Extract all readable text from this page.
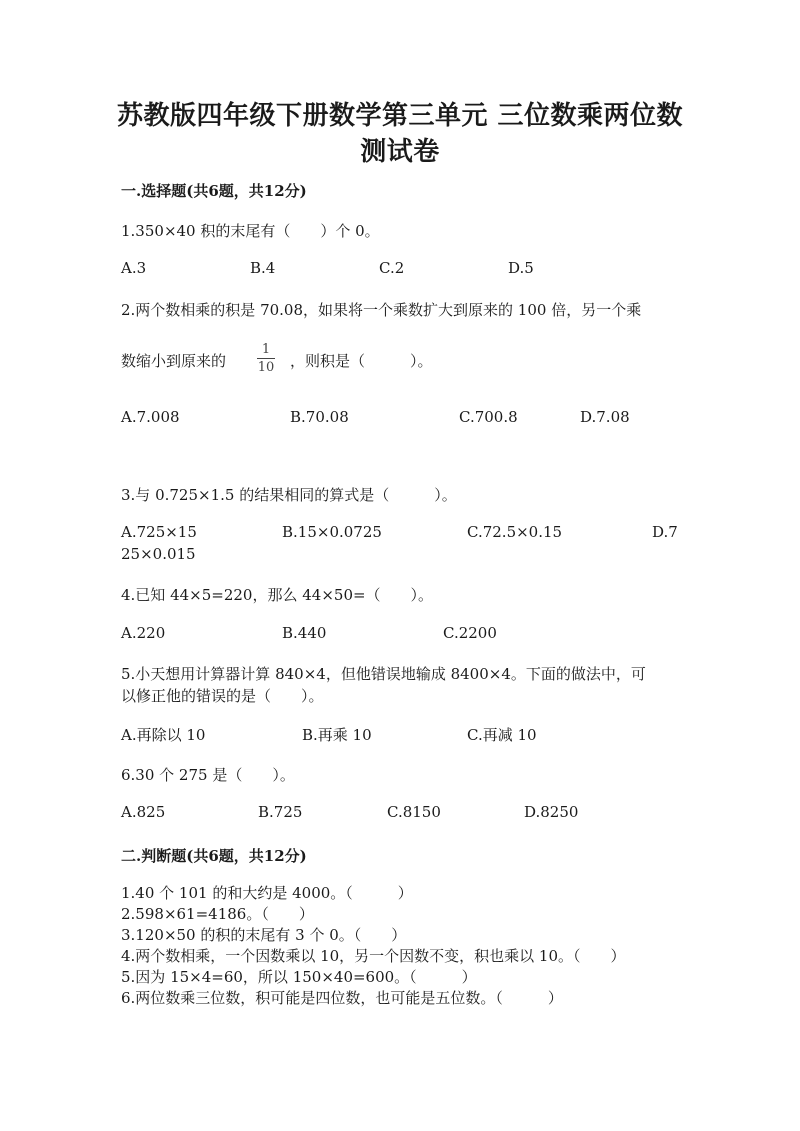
苏教版四年级下册数学第三单元 三位数乘两位数
测试卷
一.选择题(共6题，共12分)
1.350×40 积的末尾有（　　）个 0。
A.3	B.4	C.2	D.5
2.两个数相乘的积是 70.08，如果将一个乘数扩大到原来的 100 倍，另一个乘
数缩小到原来的
1
10 ，则积是（　　　）。
A.7.008	B.70.08	C.700.8	D.7.08
3.与 0.725×1.5 的结果相同的算式是（　　　）。
A.725×15	B.15×0.0725	C.72.5×0.15	D.7
25×0.015
4.已知 44×5=220，那么 44×50=（　　）。
A.220	B.440	C.2200
5.小天想用计算器计算 840×4，但他错误地输成 8400×4。下面的做法中，可
以修正他的错误的是（　　）。
A.再除以 10	B.再乘 10	C.再减 10
6.30 个 275 是（　　）。
A.825	B.725	C.8150	D.8250
二.判断题(共6题，共12分)
1.40 个 101 的和大约是 4000。（　　　）
2.598×61=4186。（　　）
3.120×50 的积的末尾有 3 个 0。（　　）
4.两个数相乘，一个因数乘以 10，另一个因数不变，积也乘以 10。（　　）
5.因为 15×4=60，所以 150×40=600。（　　　）
6.两位数乘三位数，积可能是四位数，也可能是五位数。（　　　）
